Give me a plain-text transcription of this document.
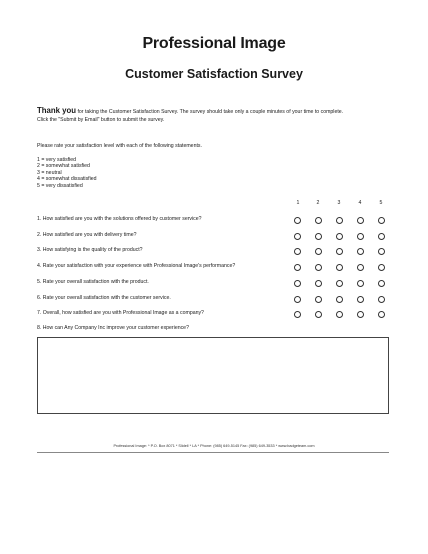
Professional Image
Customer Satisfaction Survey
Thank you for taking the Customer Satisfaction Survey. The survey should take only a couple minutes of your time to complete.
Click the "Submit by Email" button to submit the survey.
Please rate your satisfaction level with each of the following statements.
1 = very satisfied
2 = somewhat satisfied
3 = neutral
4 = somewhat dissatisfied
5 = very dissatisfied
1	2	3	4	5
1. How satisfied are you with the solutions offered by customer service?
2. How satisfied are you with delivery time?
3. How satisfying is the quality of the product?
4. Rate your satisfaction with your experience with Professional Image's performance?
5. Rate your overall satisfaction with the product.
6. Rate your overall satisfaction with the customer service.
7. Overall, how satisfied are you with Professional Image as a company?
8. How can Any Company Inc improve your customer experience?
Professional Image: * P.O. Box 8071 * Slidell * LA * Phone: (985) 649-5145 Fax: (985) 649-3533 * www.badgeteam.com
